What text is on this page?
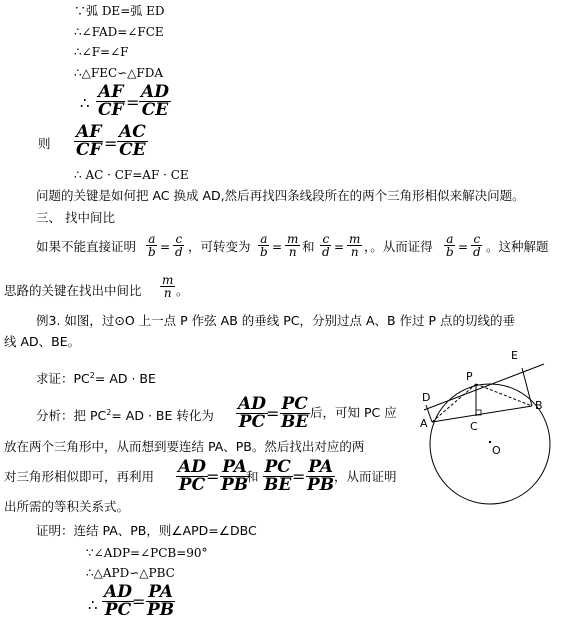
∵弧 DE=弧 ED
∴∠FAD=∠FCE
∴∠F=∠F
∴△FEC∽△FDA
∴ $\frac{AF}{CF} = \frac{AD}{CE}$
则 $\frac{AF}{CF} = \frac{AC}{CE}$
∴ AC · CF=AF · CE
问题的关键是如何把 AC 换成 AD,然后再找四条线段所在的两个三角形相似来解决问题。
三、 找中间比
如果不能直接证明 $\frac{a}{b} = \frac{c}{d}$ ，可转变为 $\frac{a}{b} = \frac{m}{n}$ 和 $\frac{c}{d} = \frac{m}{n}$ ，。从而证得 $\frac{a}{b} = \frac{c}{d}$ 。这种解题
思路的关键在找出中间比 $\frac{m}{n}$ 。
例3. 如图，过⊙O 上一点 P 作弦 AB 的垂线 PC，分别过点 A、B 作过 P 点的切线的垂
线 AD、BE。
求证：$PC^2=$ AD · BE
分析：把 $PC^2=$ AD · BE 转化为 $\frac{AD}{PC}$
= $\frac{PC}{BE}$ 后，可知 PC 应
放在两个三角形中，从而想到要连结 PA、PB。然后找出对应的两
对三角形相似即可，再利用 $\frac{AD}{PC}$
= $\frac{PA}{PB}$
和 $\frac{PC}{BE}$
= $\frac{PA}{PB}$
，从而证明
出所需的等积关系式。
证明：连结 PA、PB，则∠APD=∠DBC
∵∠ADP=∠PCB=90°
∴△APD∽△PBC
∴ $\frac{AD}{PC}$
= $\frac{PA}{PB}$
E
P
D
A	C
B
O
